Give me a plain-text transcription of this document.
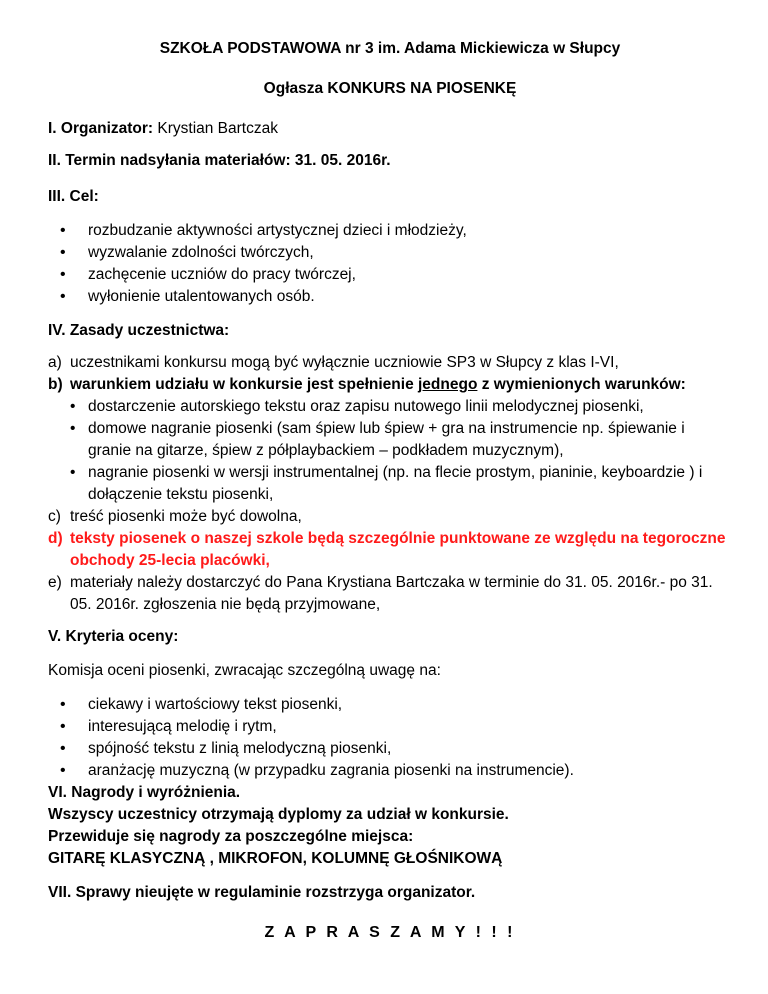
SZKOŁA PODSTAWOWA nr 3 im. Adama Mickiewicza w Słupcy
Ogłasza KONKURS NA PIOSENKĘ
I. Organizator: Krystian Bartczak
II. Termin nadsyłania materiałów: 31. 05. 2016r.
III. Cel:
• rozbudzanie aktywności artystycznej dzieci i młodzieży,
• wyzwalanie zdolności twórczych,
• zachęcenie uczniów do pracy twórczej,
• wyłonienie utalentowanych osób.
IV. Zasady uczestnictwa:
a) uczestnikami konkursu mogą być wyłącznie uczniowie SP3 w Słupcy z klas I-VI,
b) warunkiem udziału w konkursie jest spełnienie jednego z wymienionych warunków:
• dostarczenie autorskiego tekstu oraz zapisu nutowego linii melodycznej piosenki,
• domowe nagranie piosenki (sam śpiew lub śpiew + gra na instrumencie np. śpiewanie i granie na gitarze, śpiew z półplaybackiem – podkładem muzycznym),
• nagranie piosenki w wersji instrumentalnej (np. na flecie prostym, pianinie, keyboardzie ) i dołączenie tekstu piosenki,
c) treść piosenki może być dowolna,
d) teksty piosenek o naszej szkole będą szczególnie punktowane ze względu na tegoroczne obchody 25-lecia placówki,
e) materiały należy dostarczyć do Pana Krystiana Bartczaka w terminie do 31. 05. 2016r.- po 31. 05. 2016r. zgłoszenia nie będą przyjmowane,
V. Kryteria oceny:
Komisja oceni piosenki, zwracając szczególną uwagę na:
• ciekawy i wartościowy tekst piosenki,
• interesującą melodię i rytm,
• spójność tekstu z linią melodyczną piosenki,
• aranżację muzyczną (w przypadku zagrania piosenki na instrumencie).
VI. Nagrody i wyróżnienia.
Wszyscy uczestnicy otrzymają dyplomy za udział w konkursie.
Przewiduje się nagrody za poszczególne miejsca:
GITARĘ KLASYCZNĄ , MIKROFON, KOLUMNĘ GŁOŚNIKOWĄ
VII. Sprawy nieujęte w regulaminie rozstrzyga organizator.
Z A P R A S Z A M Y ! ! !
